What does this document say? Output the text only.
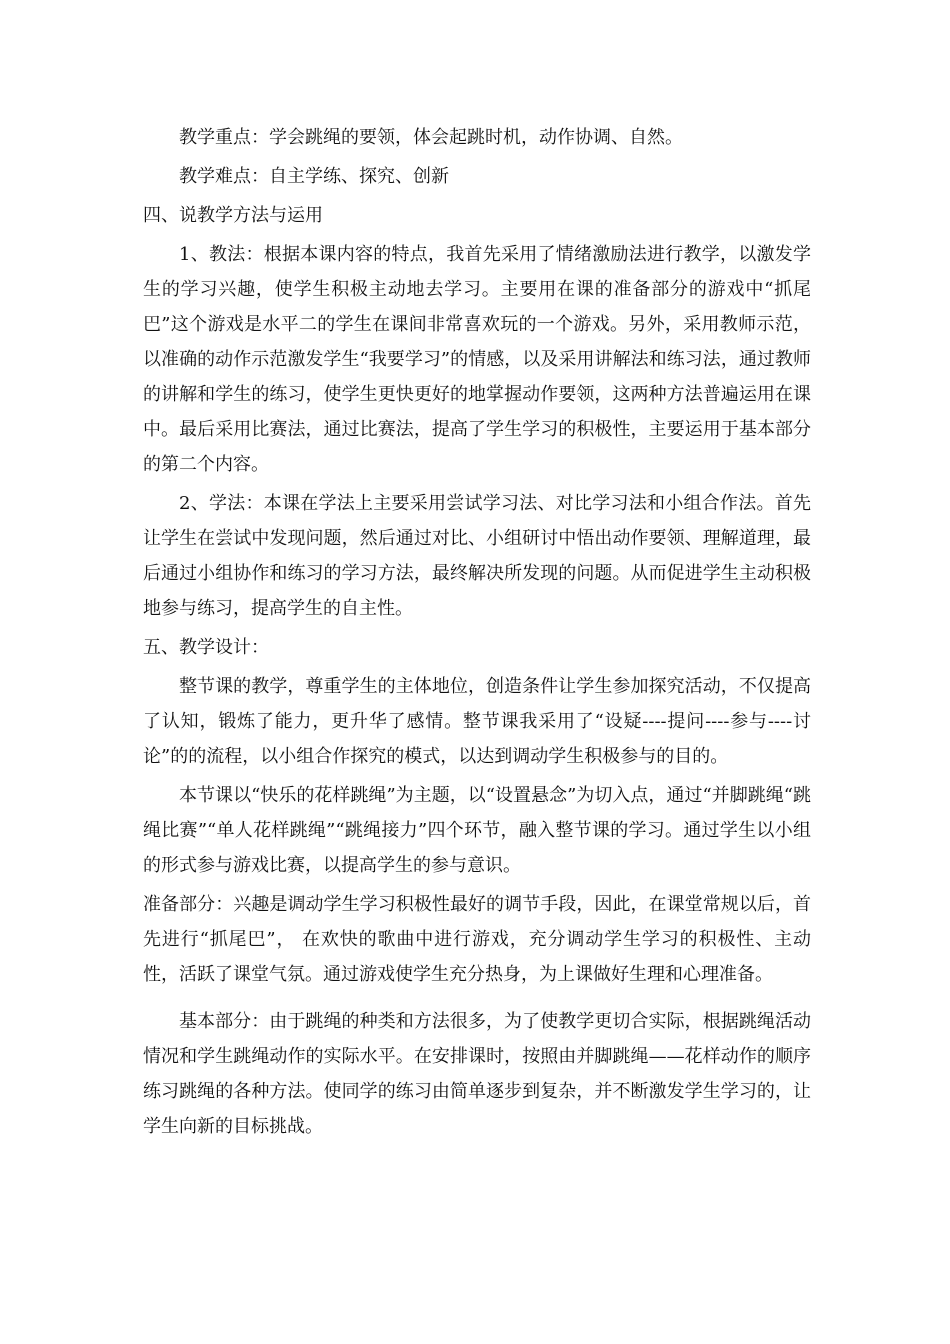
教学重点：学会跳绳的要领，体会起跳时机，动作协调、自然。

教学难点：自主学练、探究、创新

四、说教学方法与运用

1、教法：根据本课内容的特点，我首先采用了情绪激励法进行教学，以激发学生的学习兴趣，使学生积极主动地去学习。主要用在课的准备部分的游戏中“抓尾巴”这个游戏是水平二的学生在课间非常喜欢玩的一个游戏。另外，采用教师示范，以准确的动作示范激发学生“我要学习”的情感，以及采用讲解法和练习法，通过教师的讲解和学生的练习，使学生更快更好的地掌握动作要领，这两种方法普遍运用在课中。最后采用比赛法，通过比赛法，提高了学生学习的积极性，主要运用于基本部分的第二个内容。

2、学法：本课在学法上主要采用尝试学习法、对比学习法和小组合作法。首先让学生在尝试中发现问题，然后通过对比、小组研讨中悟出动作要领、理解道理，最后通过小组协作和练习的学习方法，最终解决所发现的问题。从而促进学生主动积极地参与练习，提高学生的自主性。

五、教学设计：

整节课的教学，尊重学生的主体地位，创造条件让学生参加探究活动，不仅提高了认知，锻炼了能力，更升华了感情。整节课我采用了“设疑----提问----参与----讨论”的的流程，以小组合作探究的模式，以达到调动学生积极参与的目的。

本节课以“快乐的花样跳绳”为主题，以“设置悬念”为切入点，通过“并脚跳绳“跳绳比赛”“单人花样跳绳”“跳绳接力”四个环节，融入整节课的学习。通过学生以小组的形式参与游戏比赛，以提高学生的参与意识。

准备部分：兴趣是调动学生学习积极性最好的调节手段，因此，在课堂常规以后，首先进行“抓尾巴”， 在欢快的歌曲中进行游戏，充分调动学生学习的积极性、主动性，活跃了课堂气氛。通过游戏使学生充分热身，为上课做好生理和心理准备。

基本部分：由于跳绳的种类和方法很多，为了使教学更切合实际，根据跳绳活动情况和学生跳绳动作的实际水平。在安排课时，按照由并脚跳绳——花样动作的顺序练习跳绳的各种方法。使同学的练习由简单逐步到复杂，并不断激发学生学习的，让学生向新的目标挑战。
